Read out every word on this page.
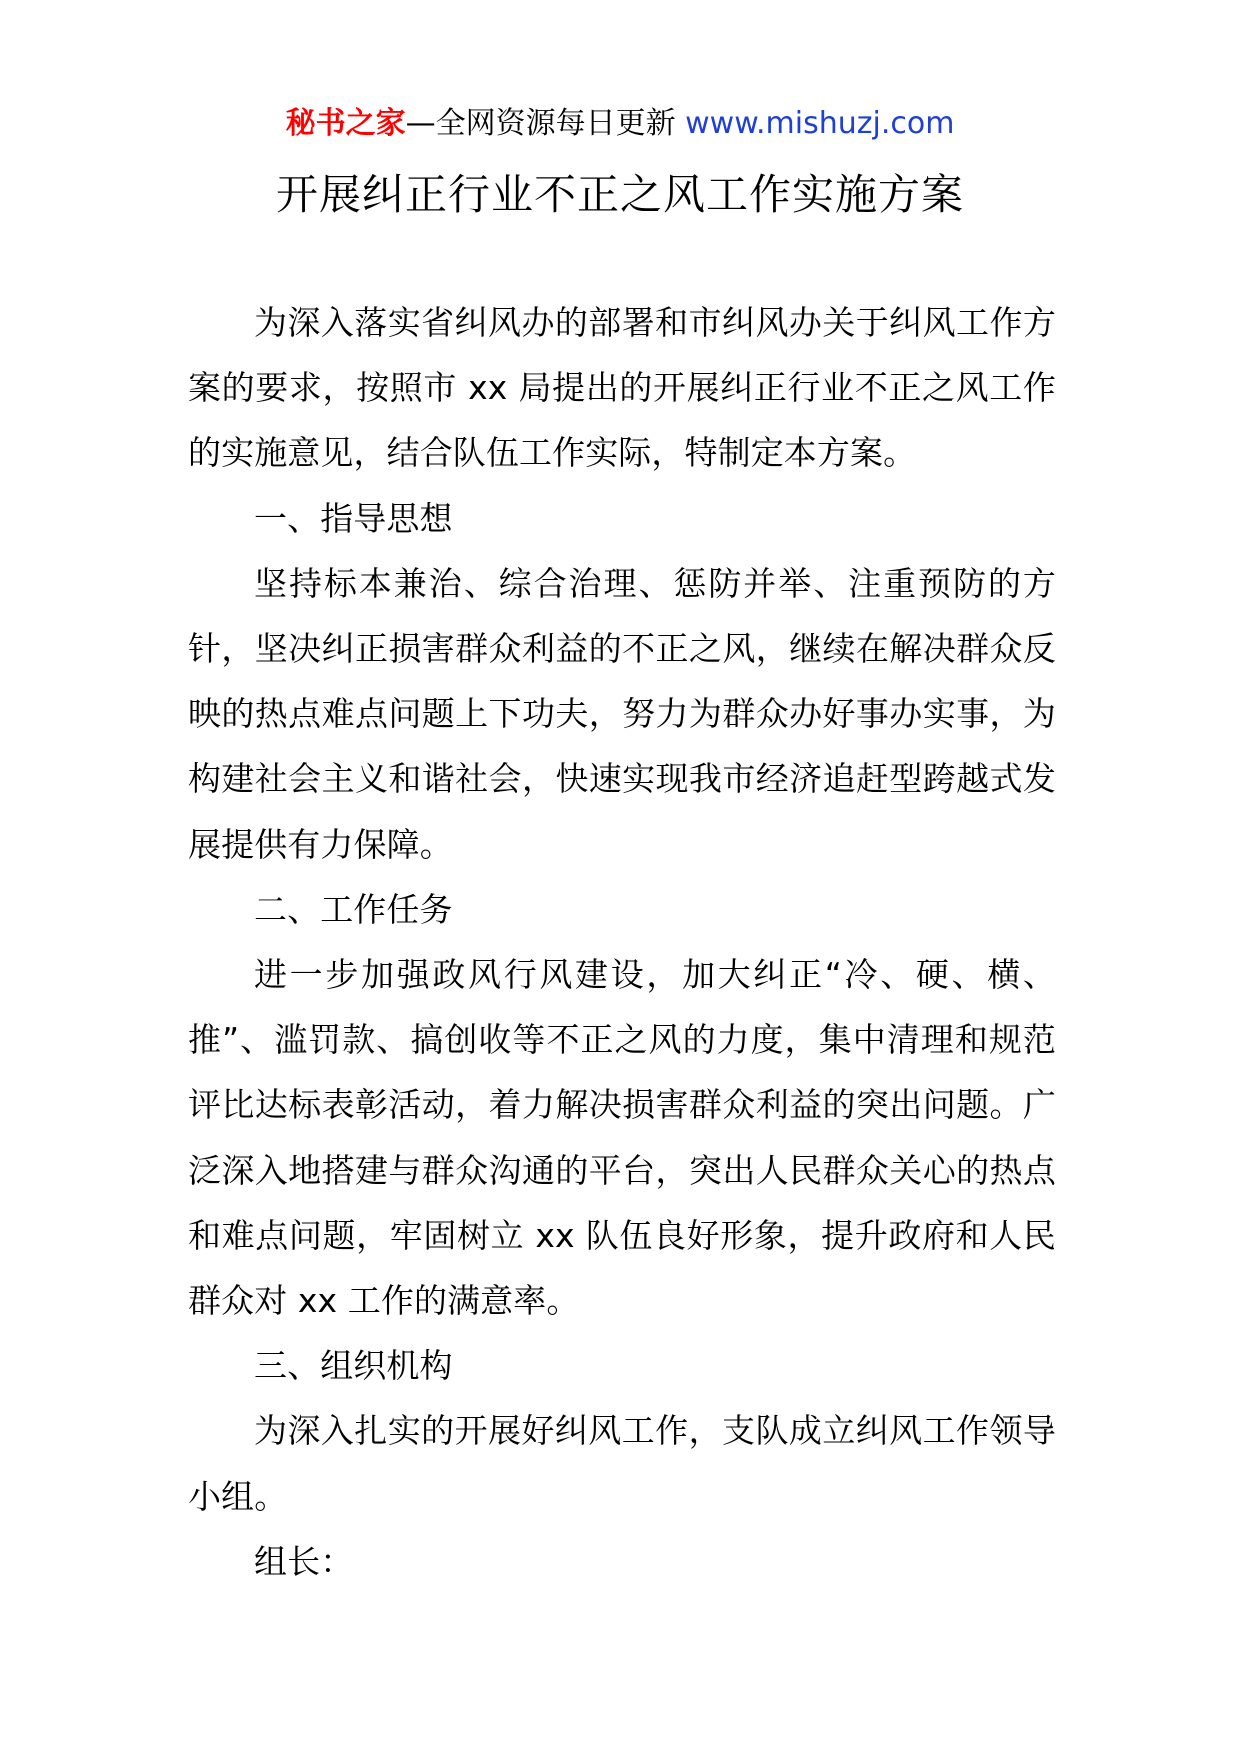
秘书之家—全网资源每日更新 www.mishuzj.com
开展纠正行业不正之风工作实施方案

为深入落实省纠风办的部署和市纠风办关于纠风工作方案的要求，按照市 xx 局提出的开展纠正行业不正之风工作的实施意见，结合队伍工作实际，特制定本方案。

一、指导思想

坚持标本兼治、综合治理、惩防并举、注重预防的方针，坚决纠正损害群众利益的不正之风，继续在解决群众反映的热点难点问题上下功夫，努力为群众办好事办实事，为构建社会主义和谐社会，快速实现我市经济追赶型跨越式发展提供有力保障。

二、工作任务

进一步加强政风行风建设，加大纠正“冷、硬、横、推”、滥罚款、搞创收等不正之风的力度，集中清理和规范评比达标表彰活动，着力解决损害群众利益的突出问题。广泛深入地搭建与群众沟通的平台，突出人民群众关心的热点和难点问题，牢固树立 xx 队伍良好形象，提升政府和人民群众对 xx 工作的满意率。

三、组织机构

为深入扎实的开展好纠风工作，支队成立纠风工作领导小组。

组长：
